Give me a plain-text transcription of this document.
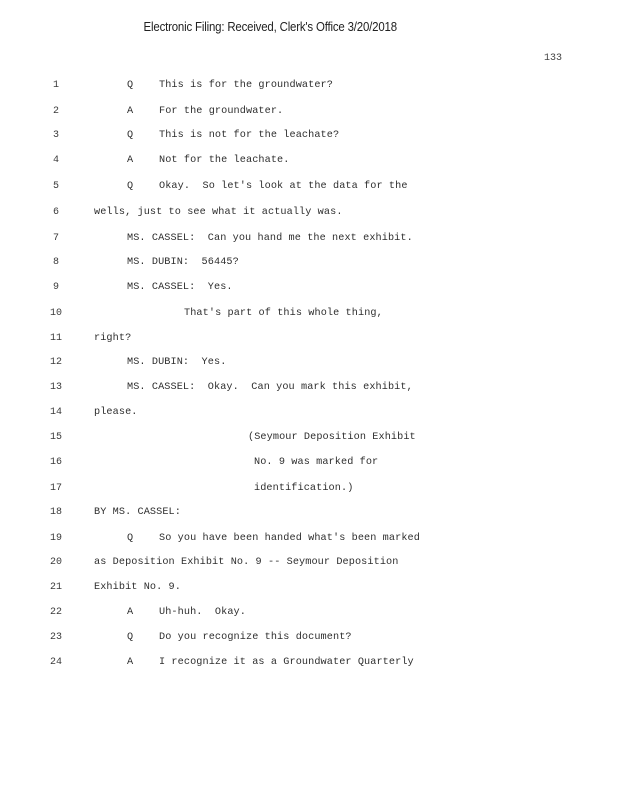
Electronic Filing: Received, Clerk's Office 3/20/2018
133
1	Q	This is for the groundwater?
2	A	For the groundwater.
3	Q	This is not for the leachate?
4	A	Not for the leachate.
5	Q	Okay.  So let's look at the data for the
6	wells, just to see what it actually was.
7	MS. CASSEL:  Can you hand me the next exhibit.
8	MS. DUBIN:  56445?
9	MS. CASSEL:  Yes.
10	That's part of this whole thing,
11	right?
12	MS. DUBIN:  Yes.
13	MS. CASSEL:  Okay.  Can you mark this exhibit,
14	please.
15	(Seymour Deposition Exhibit
16	No. 9 was marked for
17	identification.)
18	BY MS. CASSEL:
19	Q	So you have been handed what's been marked
20	as Deposition Exhibit No. 9 -- Seymour Deposition
21	Exhibit No. 9.
22	A	Uh-huh.  Okay.
23	Q	Do you recognize this document?
24	A	I recognize it as a Groundwater Quarterly
